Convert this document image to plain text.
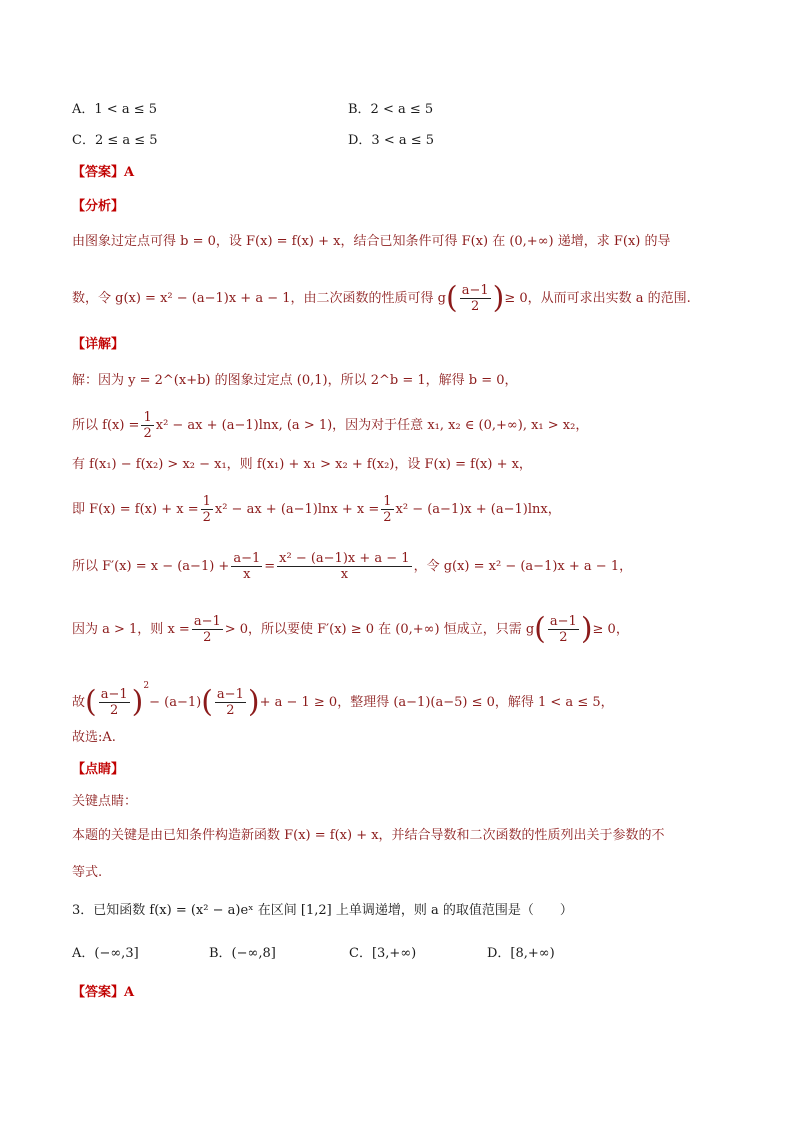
A．1 < a ≤ 5	B．2 < a ≤ 5
C．2 ≤ a ≤ 5	D．3 < a ≤ 5
【答案】A
【分析】
由图象过定点可得 b = 0，设 F(x) = f(x) + x，结合已知条件可得 F(x) 在 (0,+∞) 递增，求 F(x) 的导
数，令 g(x) = x² − (a−1)x + a − 1，由二次函数的性质可得 $g( \frac{a-1}{2}$ )≥ 0，从而可求出实数 a 的范围.
【详解】
解：因为 y = 2^(x+b) 的图象过定点 (0,1)，所以 2^b = 1，解得 b = 0，
所以 $f(x) = \frac{1}{2} x^2$ − ax + (a−1)lnx, (a > 1)，因为对于任意 x₁, x₂ ∈ (0,+∞), x₁ > x₂，
有 f(x₁) − f(x₂) > x₂ − x₁，则 f(x₁) + x₁ > x₂ + f(x₂)，设 F(x) = f(x) + x，
即 $F(x) = f(x) + x = \frac{1}{2} x^2$ − ax + $(a-1)\ln x + x = \frac{1}{2} x^2 - (a-1)x + (a-1)\ln x$，
所以 $F'(x) = x - (a-1) + \frac{a-1}{x} = \frac{\text{x² − (a−1)x + a − 1}}{x}$ ，令 g(x) = x² − (a−1)x + a − 1，
因为 a > 1，则 $x = \frac{a-1}{2} > 0$，所以要使 F′(x) ≥ 0 在 (0,+∞) 恒成立，只需 $g( \frac{a-1}{2}$ )≥ 0，
故( $\frac{a-1}{2} )^2- (a-1)( \frac{a-1}{2}$ )+ a − 1 ≥ 0，整理得 (a−1)(a−5) ≤ 0，解得 1 < a ≤ 5，
故选:A.
【点睛】
关键点睛：
本题的关键是由已知条件构造新函数 F(x) = f(x) + x，并结合导数和二次函数的性质列出关于参数的不
等式.
3．已知函数 f(x) = (x² − a)eˣ 在区间 [1,2] 上单调递增，则 a 的取值范围是（　　）
A．(−∞,3]	B．(−∞,8]	C．[3,+∞)	D．[8,+∞)
【答案】A
